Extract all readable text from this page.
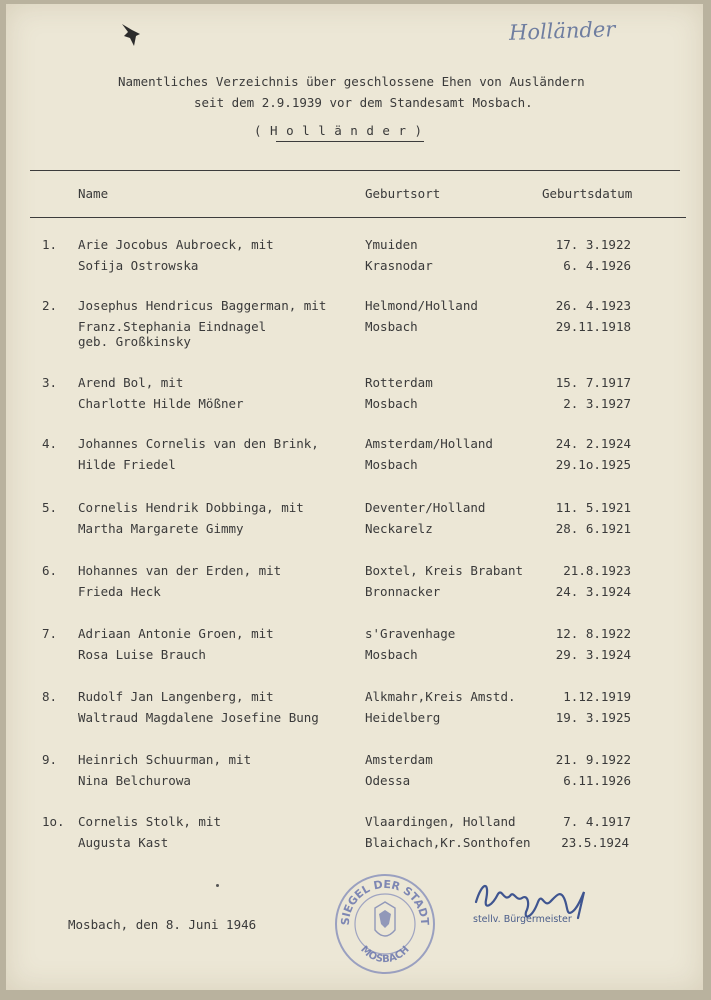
Holländer
Namentliches Verzeichnis über geschlossene Ehen von Ausländern
seit dem 2.9.1939 vor dem Standesamt Mosbach.
( H o l l ä n d e r )
Name	Geburtsort	Geburtsdatum
1. Arie Jocobus Aubroeck, mit	Ymuiden	17. 3.1922
Sofija Ostrowska	Krasnodar	6. 4.1926
2. Josephus Hendricus Baggerman, mit	Helmond/Holland	26. 4.1923
Franz.Stephania Eindnagel	Mosbach	29.11.1918
geb. Großkinsky
3. Arend Bol, mit	Rotterdam	15. 7.1917
Charlotte Hilde Mößner	Mosbach	2. 3.1927
4. Johannes Cornelis van den Brink,	Amsterdam/Holland	24. 2.1924
Hilde Friedel	Mosbach	29.1o.1925
5. Cornelis Hendrik Dobbinga, mit	Deventer/Holland	11. 5.1921
Martha Margarete Gimmy	Neckarelz	28. 6.1921
6. Hohannes van der Erden, mit	Boxtel, Kreis Brabant	21.8.1923
Frieda Heck	Bronnacker	24. 3.1924
7. Adriaan Antonie Groen, mit	s'Gravenhage	12. 8.1922
Rosa Luise Brauch	Mosbach	29. 3.1924
8. Rudolf Jan Langenberg, mit	Alkmahr,Kreis Amstd.	1.12.1919
Waltraud Magdalene Josefine Bung	Heidelberg	19. 3.1925
9. Heinrich Schuurman, mit	Amsterdam	21. 9.1922
Nina Belchurowa	Odessa	6.11.1926
1o. Cornelis Stolk, mit	Vlaardingen, Holland	7. 4.1917
Augusta Kast	Blaichach,Kr.Sonthofen 23.5.1924
Mosbach, den 8. Juni 1946	SIEGEL DER STADT
MOSBACH
stellv. Bürgermeister
